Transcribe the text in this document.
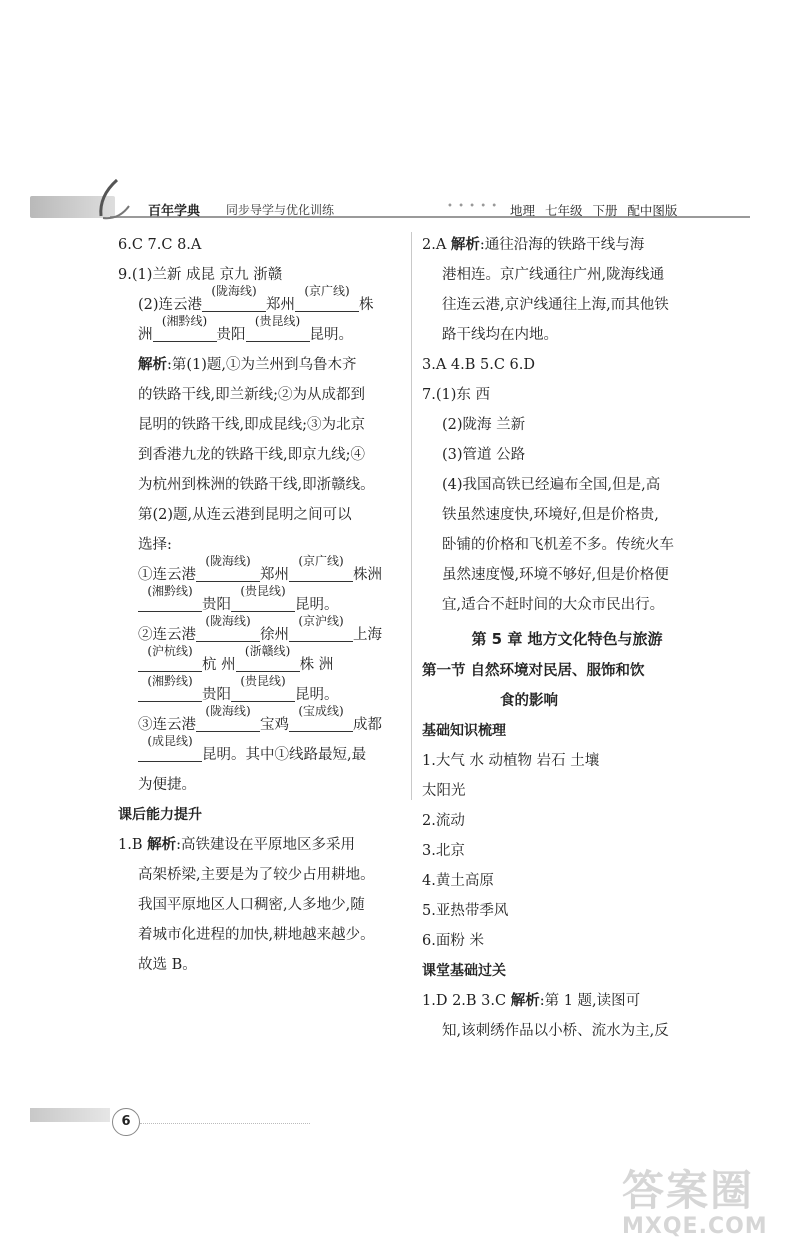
百年学典 同步导学与优化训练	• • • • • 地理 七年级 下册 配中图版
6.C 7.C 8.A
9.(1)兰新 成昆 京九 浙赣
(2)连云港
(陇海线)
郑州
(京广线)
株
洲
(湘黔线)
贵阳
(贵昆线)
昆明。
解析:第(1)题,①为兰州到乌鲁木齐
的铁路干线,即兰新线;②为从成都到
昆明的铁路干线,即成昆线;③为北京
到香港九龙的铁路干线,即京九线;④
为杭州到株洲的铁路干线,即浙赣线。
第(2)题,从连云港到昆明之间可以
选择:
①连云港
(陇海线)
郑州
(京广线)
株洲
(湘黔线)
贵阳
(贵昆线)
昆明。
②连云港
(陇海线)
徐州
(京沪线)
上海
(沪杭线)
杭 州
(浙赣线)
株 洲
(湘黔线)
贵阳
(贵昆线)
昆明。
③连云港
(陇海线)
宝鸡
(宝成线)
成都
(成昆线)
昆明。其中①线路最短,最
为便捷。
课后能力提升
1.B 解析:高铁建设在平原地区多采用
高架桥梁,主要是为了较少占用耕地。
我国平原地区人口稠密,人多地少,随
着城市化进程的加快,耕地越来越少。
故选 B。
2.A 解析:通往沿海的铁路干线与海
港相连。京广线通往广州,陇海线通
往连云港,京沪线通往上海,而其他铁
路干线均在内地。
3.A 4.B 5.C 6.D
7.(1)东 西
(2)陇海 兰新
(3)管道 公路
(4)我国高铁已经遍布全国,但是,高
铁虽然速度快,环境好,但是价格贵,
卧铺的价格和飞机差不多。传统火车
虽然速度慢,环境不够好,但是价格便
宜,适合不赶时间的大众市民出行。
第 5 章 地方文化特色与旅游
第一节 自然环境对民居、服饰和饮
食的影响
基础知识梳理
1.大气 水 动植物 岩石 土壤
太阳光
2.流动
3.北京
4.黄土高原
5.亚热带季风
6.面粉 米
课堂基础过关
1.D 2.B 3.C 解析:第 1 题,读图可
知,该刺绣作品以小桥、流水为主,反
6
答案圈
MXQE.COM
